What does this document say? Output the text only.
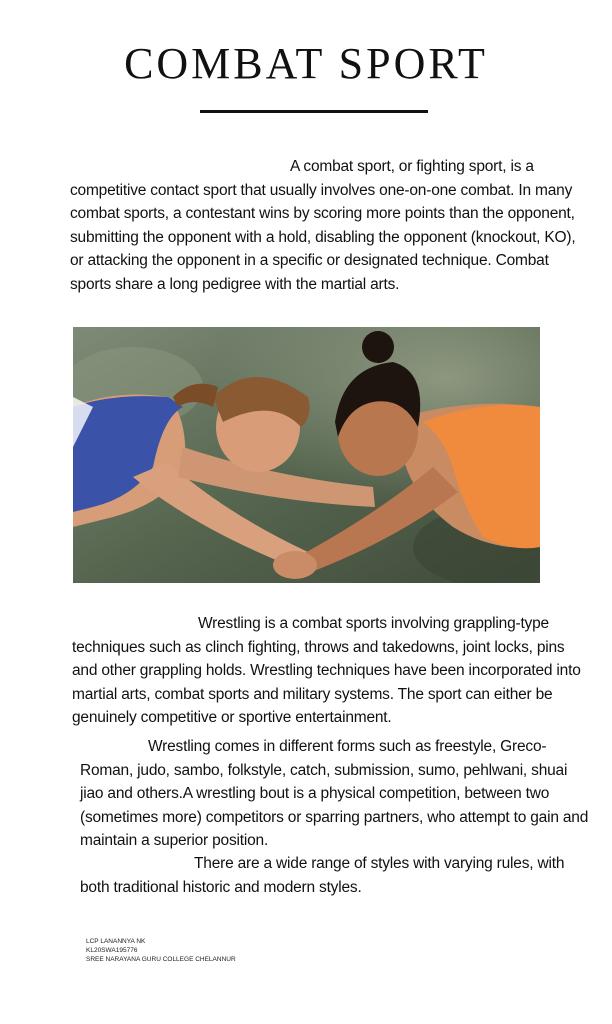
COMBAT SPORT

A combat sport, or fighting sport, is a competitive contact sport that usually involves one-on-one combat. In many combat sports, a contestant wins by scoring more points than the opponent, submitting the opponent with a hold, disabling the opponent (knockout, KO), or attacking the opponent in a specific or designated technique. Combat sports share a long pedigree with the martial arts.

Wrestling is a combat sports involving grappling-type techniques such as clinch fighting, throws and takedowns, joint locks, pins and other grappling holds. Wrestling techniques have been incorporated into martial arts, combat sports and military systems. The sport can either be genuinely competitive or sportive entertainment.

Wrestling comes in different forms such as freestyle, Greco-Roman, judo, sambo, folkstyle, catch, submission, sumo, pehlwani, shuai jiao and others.A wrestling bout is a physical competition, between two (sometimes more) competitors or sparring partners, who attempt to gain and maintain a superior position.

There are a wide range of styles with varying rules, with both traditional historic and modern styles.

LCP LANANNYA NK
KL20SWA195776
SREE NARAYANA GURU COLLEGE CHELANNUR
